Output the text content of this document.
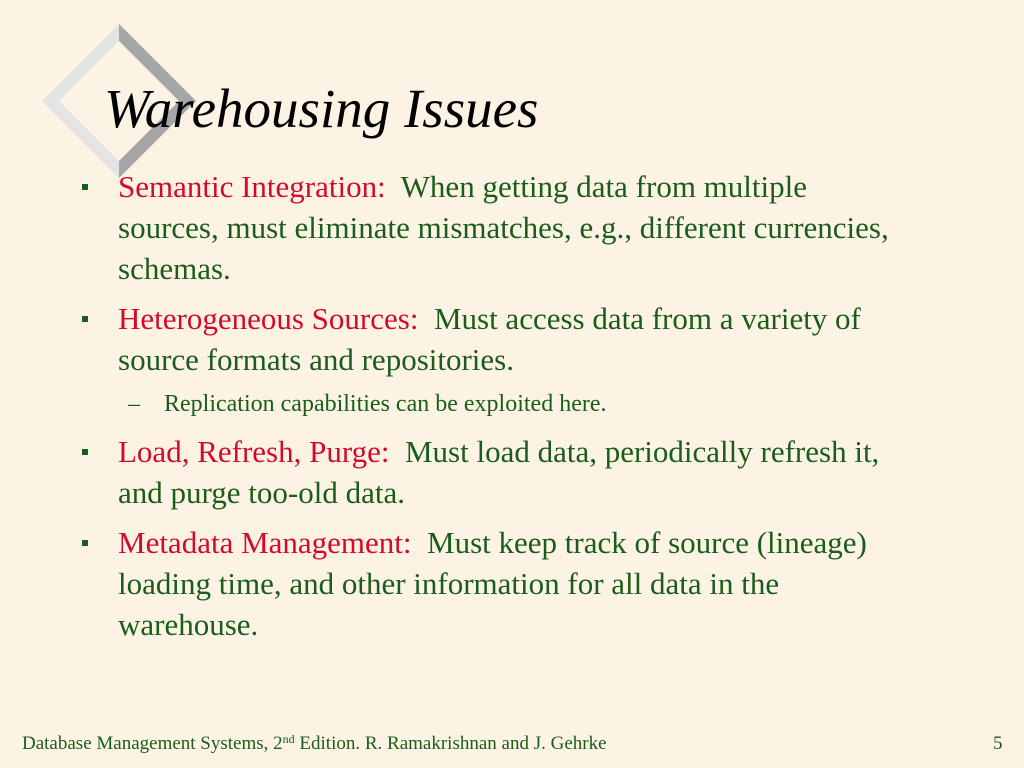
Warehousing Issues
Semantic Integration:  When getting data from multiple sources, must eliminate mismatches, e.g., different currencies, schemas.
Heterogeneous Sources:  Must access data from a variety of source formats and repositories.
– Replication capabilities can be exploited here.
Load, Refresh, Purge:  Must load data, periodically refresh it, and purge too-old data.
Metadata Management:  Must keep track of source (lineage) loading time, and other information for all data in the warehouse.
Database Management Systems, 2nd Edition. R. Ramakrishnan and J. Gehrke	5
